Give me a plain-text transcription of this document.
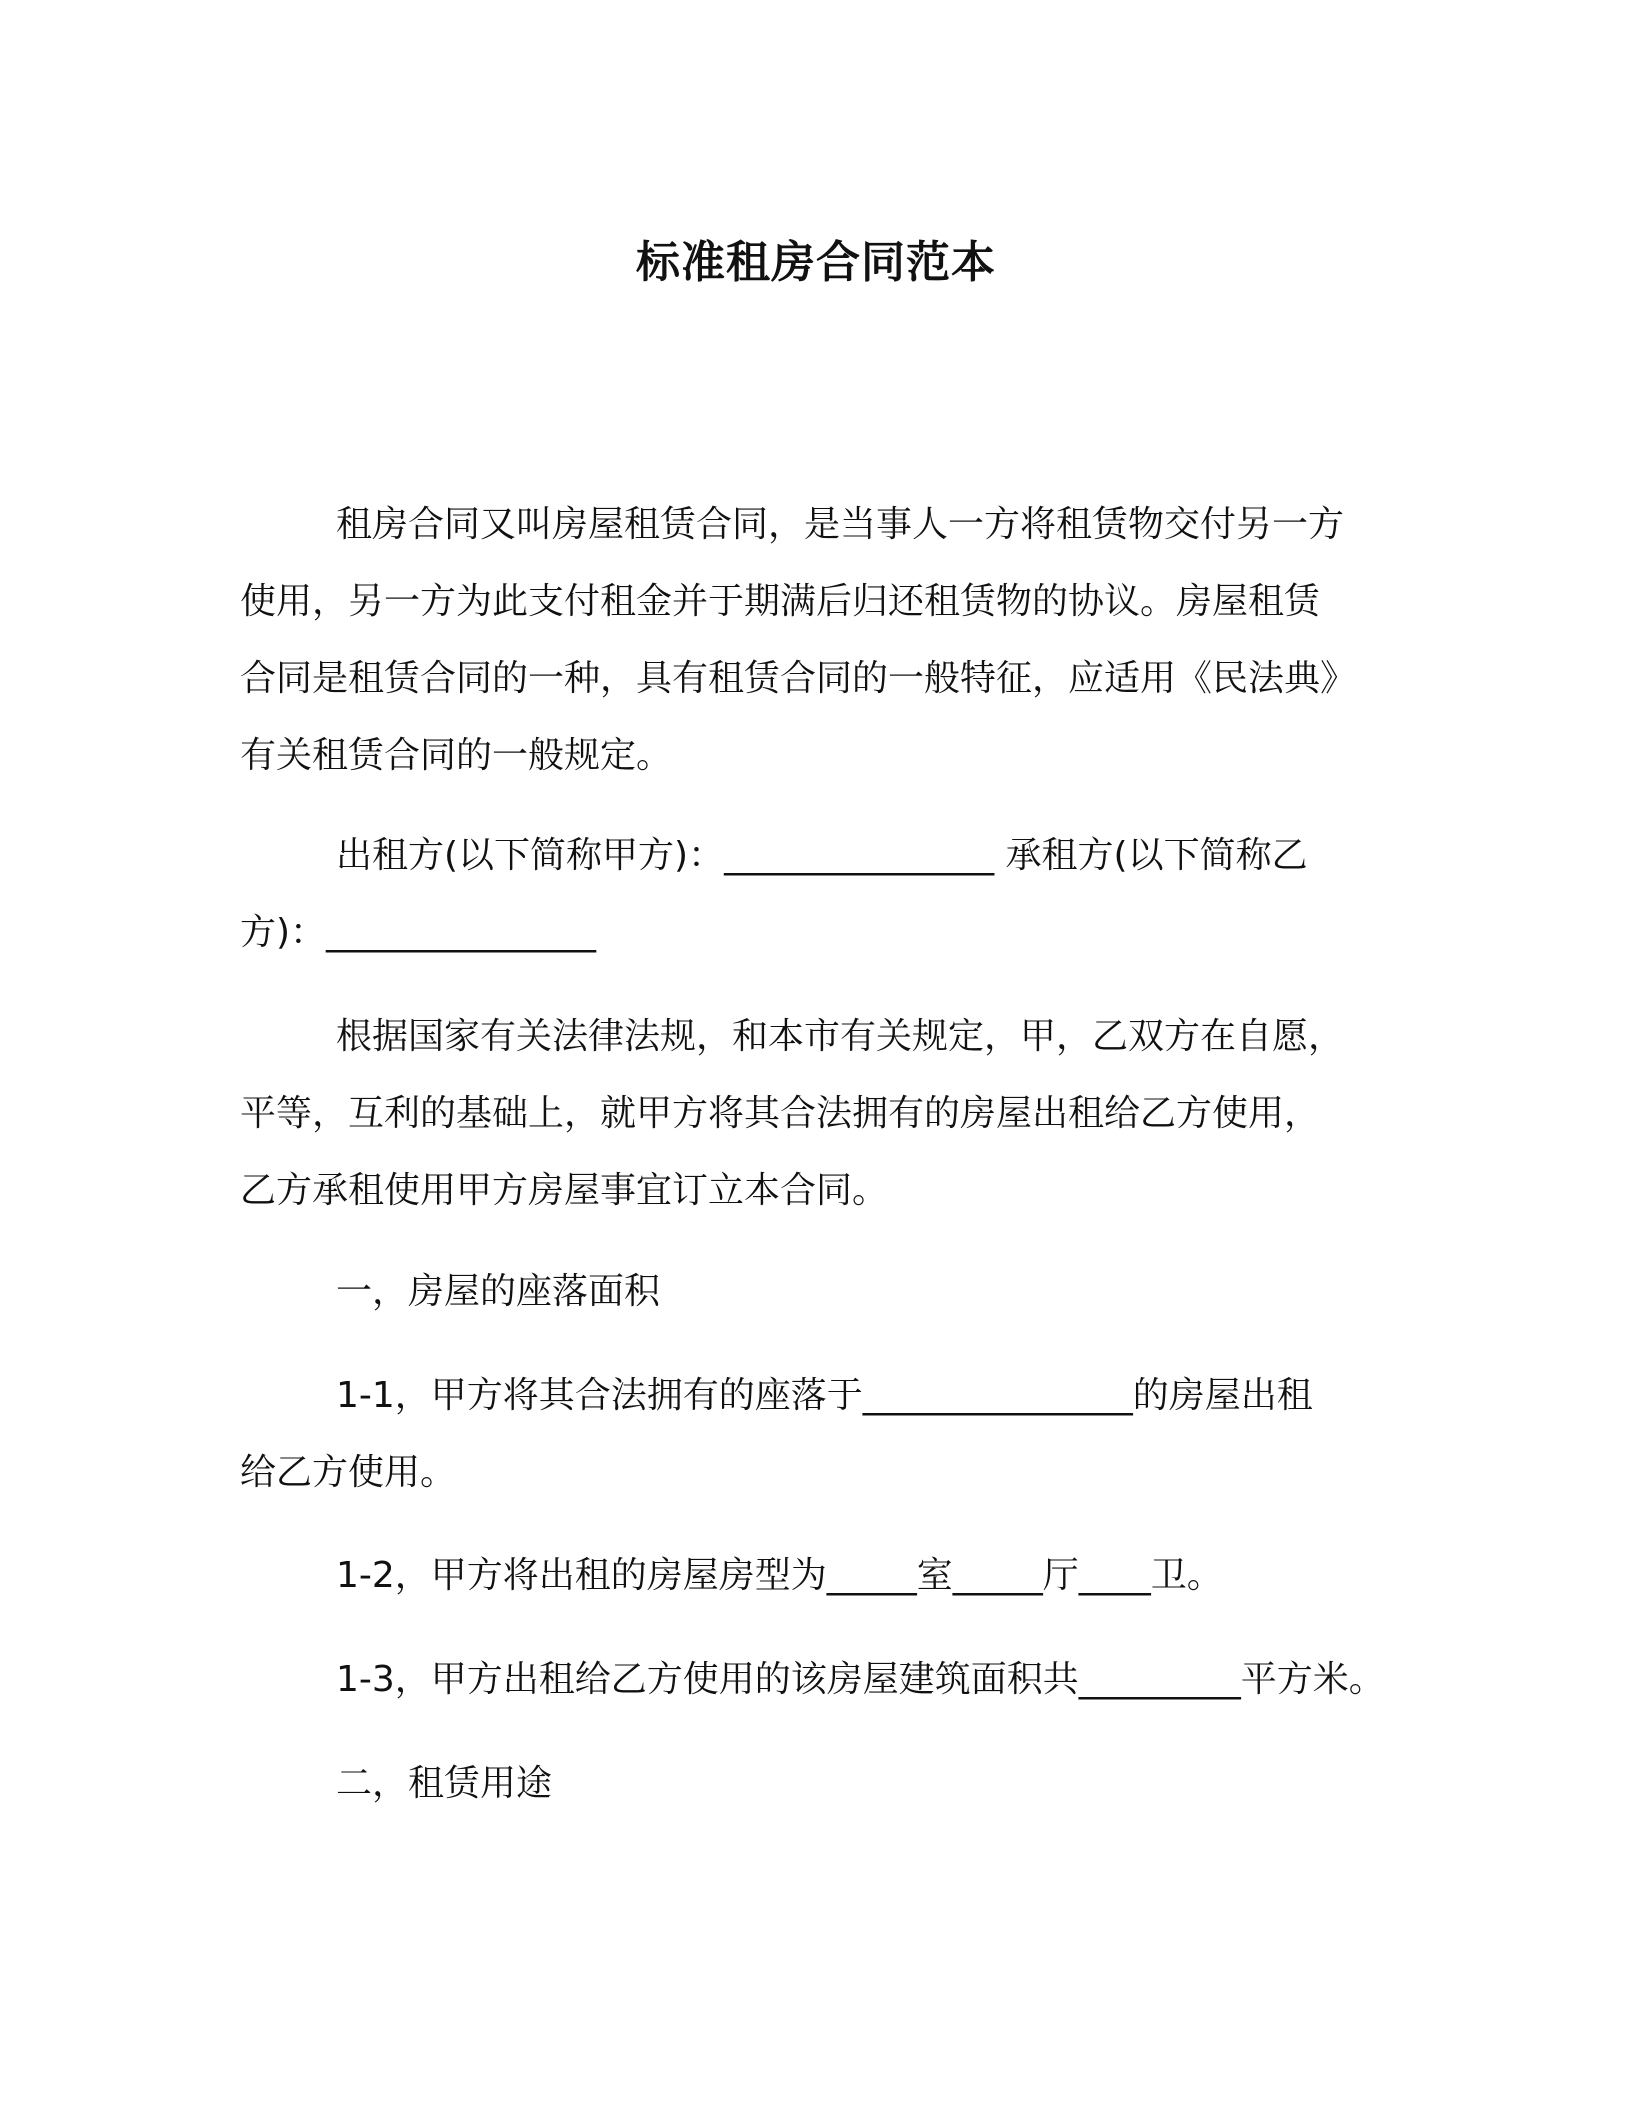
标准租房合同范本
租房合同又叫房屋租赁合同，是当事人一方将租赁物交付另一方
使用，另一方为此支付租金并于期满后归还租赁物的协议。房屋租赁
合同是租赁合同的一种，具有租赁合同的一般特征，应适用《民法典》
有关租赁合同的一般规定。
出租方(以下简称甲方)：_______________ 承租方(以下简称乙
方)：_______________
根据国家有关法律法规，和本市有关规定，甲，乙双方在自愿，
平等，互利的基础上，就甲方将其合法拥有的房屋出租给乙方使用，
乙方承租使用甲方房屋事宜订立本合同。
一，房屋的座落面积
1-1，甲方将其合法拥有的座落于_______________的房屋出租
给乙方使用。
1-2，甲方将出租的房屋房型为_____室_____厅____卫。
1-3，甲方出租给乙方使用的该房屋建筑面积共_________平方米。
二，租赁用途
